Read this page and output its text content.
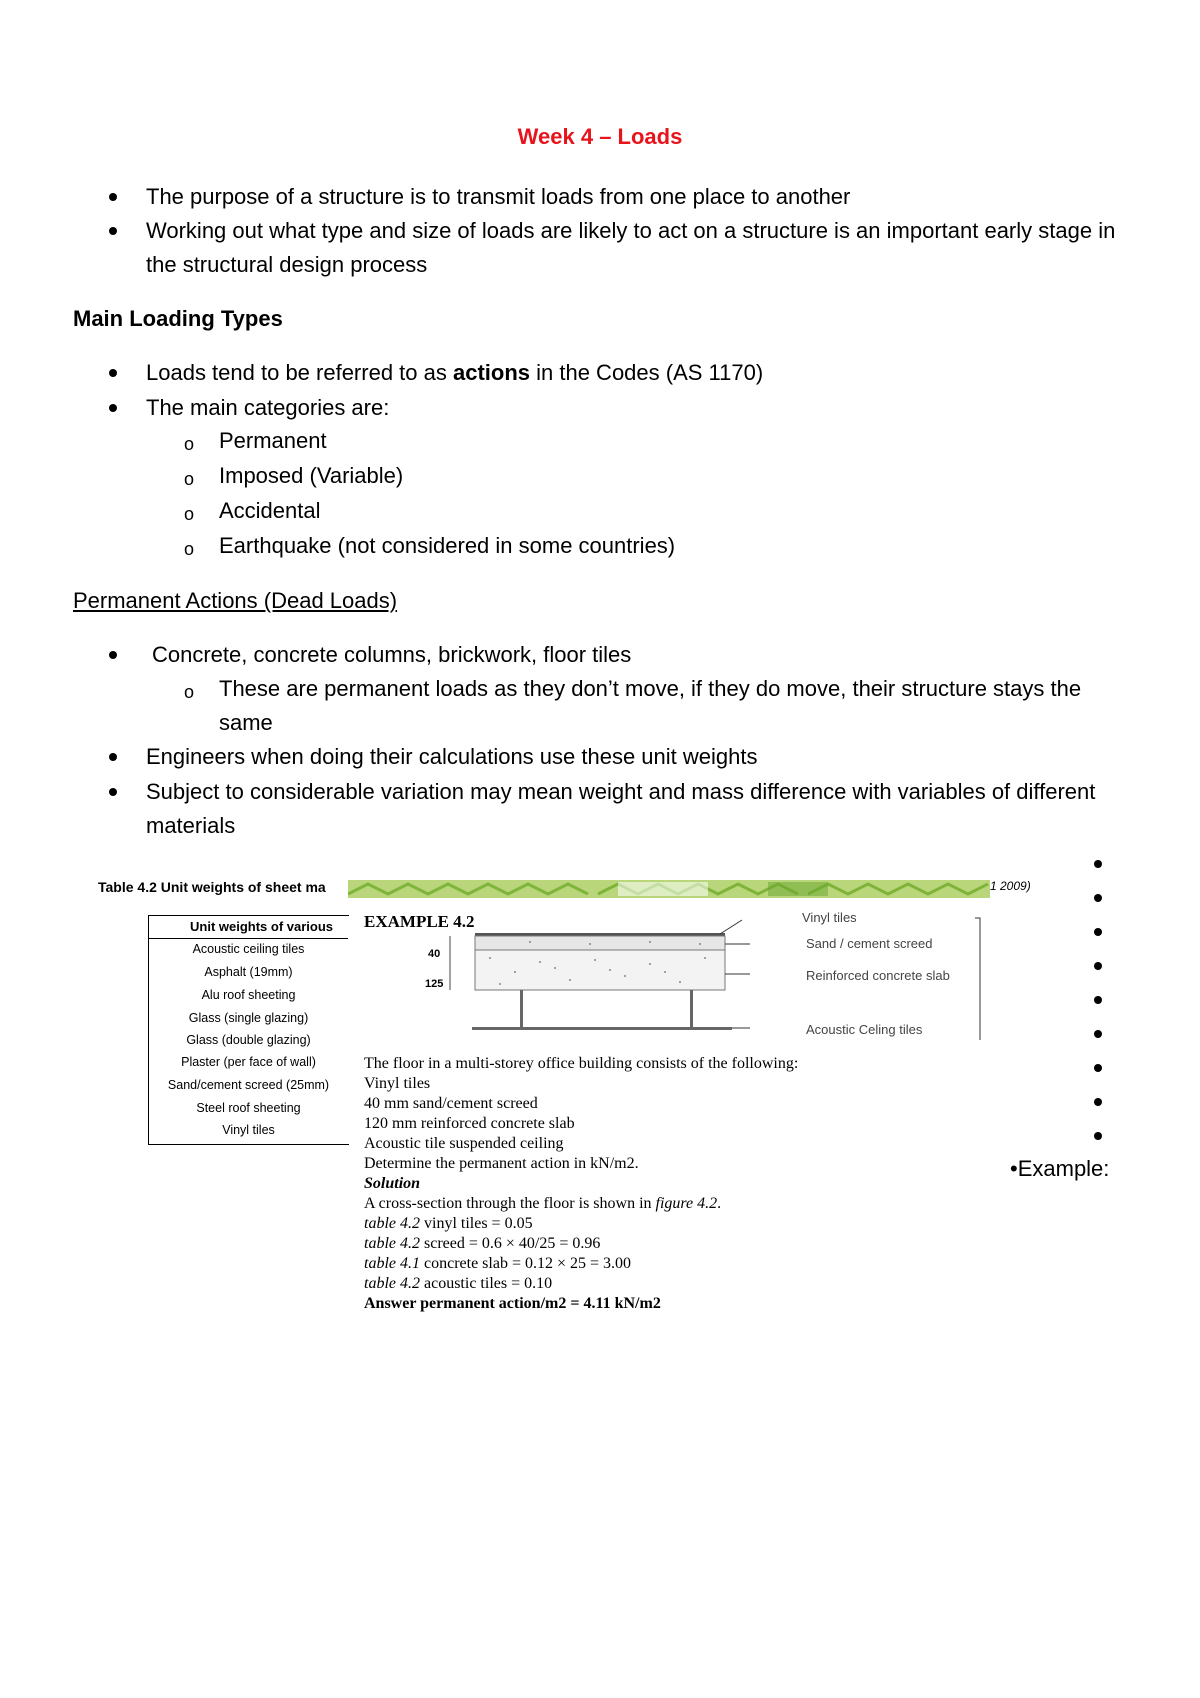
Week 4 – Loads
The purpose of a structure is to transmit loads from one place to another
Working out what type and size of loads are likely to act on a structure is an important early stage in
the structural design process
Main Loading Types
Loads tend to be referred to as actions in the Codes (AS 1170)
The main categories are:
o Permanent
o Imposed (Variable)
o Accidental
o Earthquake (not considered in some countries)
Permanent Actions (Dead Loads)
Concrete, concrete columns, brickwork, floor tiles
o These are permanent loads as they don’t move, if they do move, their structure stays the
same
Engineers when doing their calculations use these unit weights
Subject to considerable variation may mean weight and mass difference with variables of different
materials
Table 4.2 Unit weights of sheet ma	1 2009)
Unit weights of various
Acoustic ceiling tiles
Asphalt (19mm)
Alu roof sheeting
Glass (single glazing)
Glass (double glazing)
Plaster (per face of wall)
Sand/cement screed (25mm)
Steel roof sheeting
Vinyl tiles
EXAMPLE 4.2
40
125
Vinyl tiles
Sand / cement screed
Reinforced concrete slab
Acoustic Celing tiles
The floor in a multi-storey office building consists of the following:
Vinyl tiles
40 mm sand/cement screed
120 mm reinforced concrete slab
Acoustic tile suspended ceiling
Determine the permanent action in kN/m2.
Solution
A cross-section through the floor is shown in figure 4.2.
table 4.2 vinyl tiles = 0.05
table 4.2 screed = 0.6 × 40/25 = 0.96
table 4.1 concrete slab = 0.12 × 25 = 3.00
table 4.2 acoustic tiles = 0.10
Answer permanent action/m2 = 4.11 kN/m2
•Example:
